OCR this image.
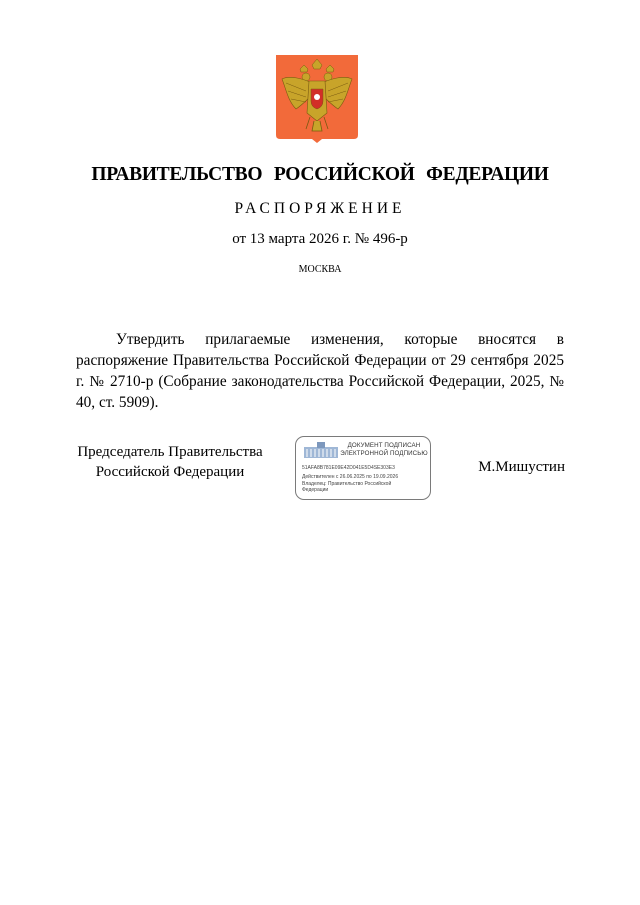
ПРАВИТЕЛЬСТВО РОССИЙСКОЙ ФЕДЕРАЦИИ
РАСПОРЯЖЕНИЕ
от 13 марта 2026 г. № 496-р
МОСКВА
Утвердить прилагаемые изменения, которые вносятся в распоряжение Правительства Российской Федерации от 29 сентября 2025 г. № 2710-р (Собрание законодательства Российской Федерации, 2025, № 40, ст. 5909).
Председатель Правительства
Российской Федерации
ДОКУМЕНТ ПОДПИСАН
ЭЛЕКТРОННОЙ ПОДПИСЬЮ
51AFA8B781E09E42D041E5D4SE303E3
Действителен с 26.06.2025 по 19.09.2026
Владелец: Правительство Российской
Федерации
М.Мишустин
